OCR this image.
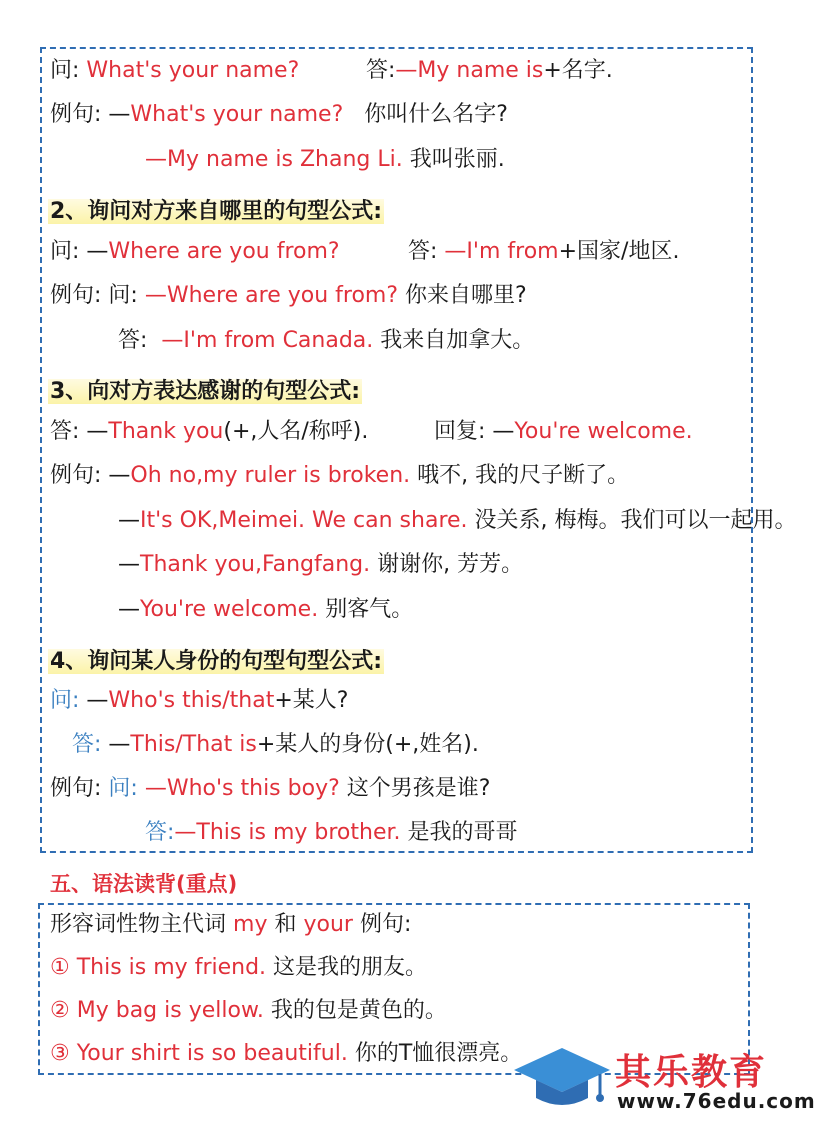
问: What's your name?	答:—My name is+名字.
例句: —What's your name? 你叫什么名字?
—My name is Zhang Li. 我叫张丽.
2、询问对方来自哪里的句型公式:
问: —Where are you from?	答: —I'm from+国家/地区.
例句: 问: —Where are you from? 你来自哪里?
答: —I'm from Canada. 我来自加拿大。
3、向对方表达感谢的句型公式:
答: —Thank you(+,人名/称呼).	回复: —You're welcome.
例句: —Oh no,my ruler is broken. 哦不, 我的尺子断了。
—It's OK,Meimei. We can share. 没关系, 梅梅。我们可以一起用。
—Thank you,Fangfang. 谢谢你, 芳芳。
—You're welcome. 别客气。
4、询问某人身份的句型句型公式:
问: —Who's this/that+某人?
答: —This/That is+某人的身份(+,姓名).
例句: 问: —Who's this boy? 这个男孩是谁?
答:—This is my brother. 是我的哥哥
五、语法读背(重点)
形容词性物主代词 my 和 your 例句:
① This is my friend. 这是我的朋友。
② My bag is yellow. 我的包是黄色的。
③ Your shirt is so beautiful. 你的T恤很漂亮。	其乐教育
www.76edu.com
